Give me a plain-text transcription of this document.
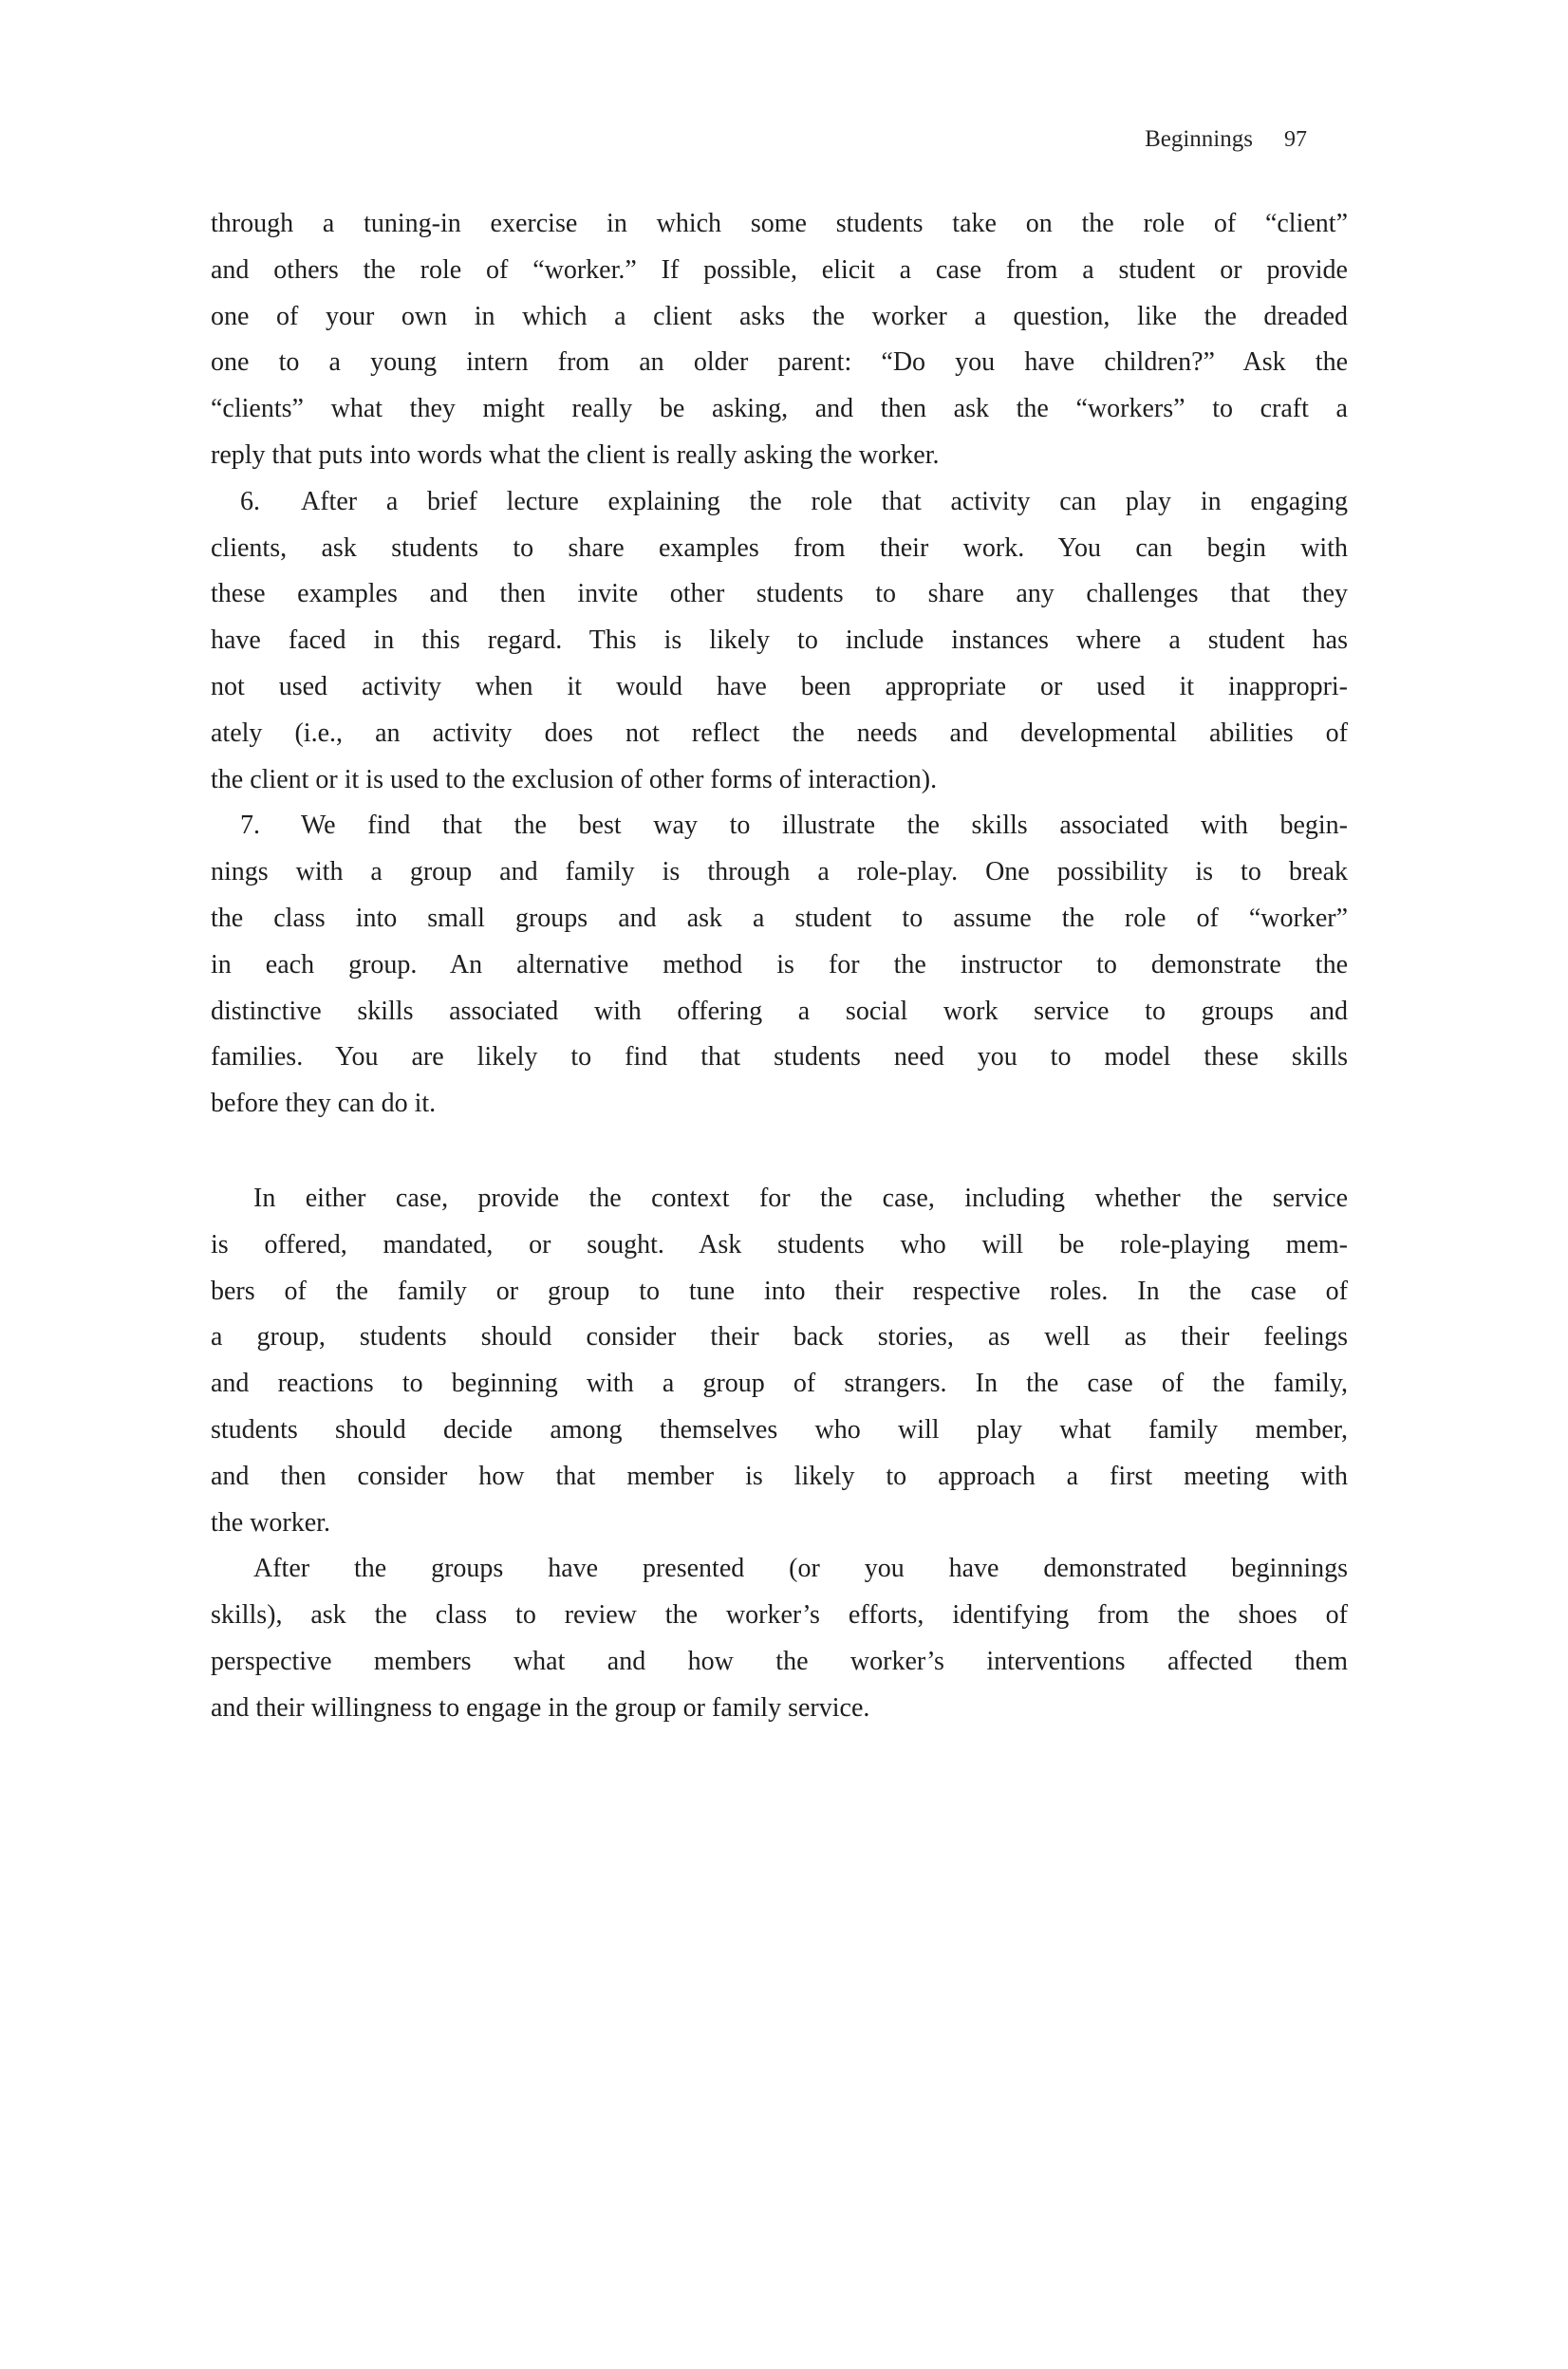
Beginnings 97
through a tuning-in exercise in which some students take on the role of “client”
and others the role of “worker.” If possible, elicit a case from a student or provide
one of your own in which a client asks the worker a question, like the dreaded
one to a young intern from an older parent: “Do you have children?” Ask the
“clients” what they might really be asking, and then ask the “workers” to craft a
reply that puts into words what the client is really asking the worker.
6. After a brief lecture explaining the role that activity can play in engaging
clients, ask students to share examples from their work. You can begin with
these examples and then invite other students to share any challenges that they
have faced in this regard. This is likely to include instances where a student has
not used activity when it would have been appropriate or used it inappropri-
ately (i.e., an activity does not reflect the needs and developmental abilities of
the client or it is used to the exclusion of other forms of interaction).
7. We find that the best way to illustrate the skills associated with begin-
nings with a group and family is through a role-play. One possibility is to break
the class into small groups and ask a student to assume the role of “worker”
in each group. An alternative method is for the instructor to demonstrate the
distinctive skills associated with offering a social work service to groups and
families. You are likely to find that students need you to model these skills
before they can do it.
In either case, provide the context for the case, including whether the service
is offered, mandated, or sought. Ask students who will be role-playing mem-
bers of the family or group to tune into their respective roles. In the case of
a group, students should consider their back stories, as well as their feelings
and reactions to beginning with a group of strangers. In the case of the family,
students should decide among themselves who will play what family member,
and then consider how that member is likely to approach a first meeting with
the worker.
After the groups have presented (or you have demonstrated beginnings
skills), ask the class to review the worker’s efforts, identifying from the shoes of
perspective members what and how the worker’s interventions affected them
and their willingness to engage in the group or family service.
